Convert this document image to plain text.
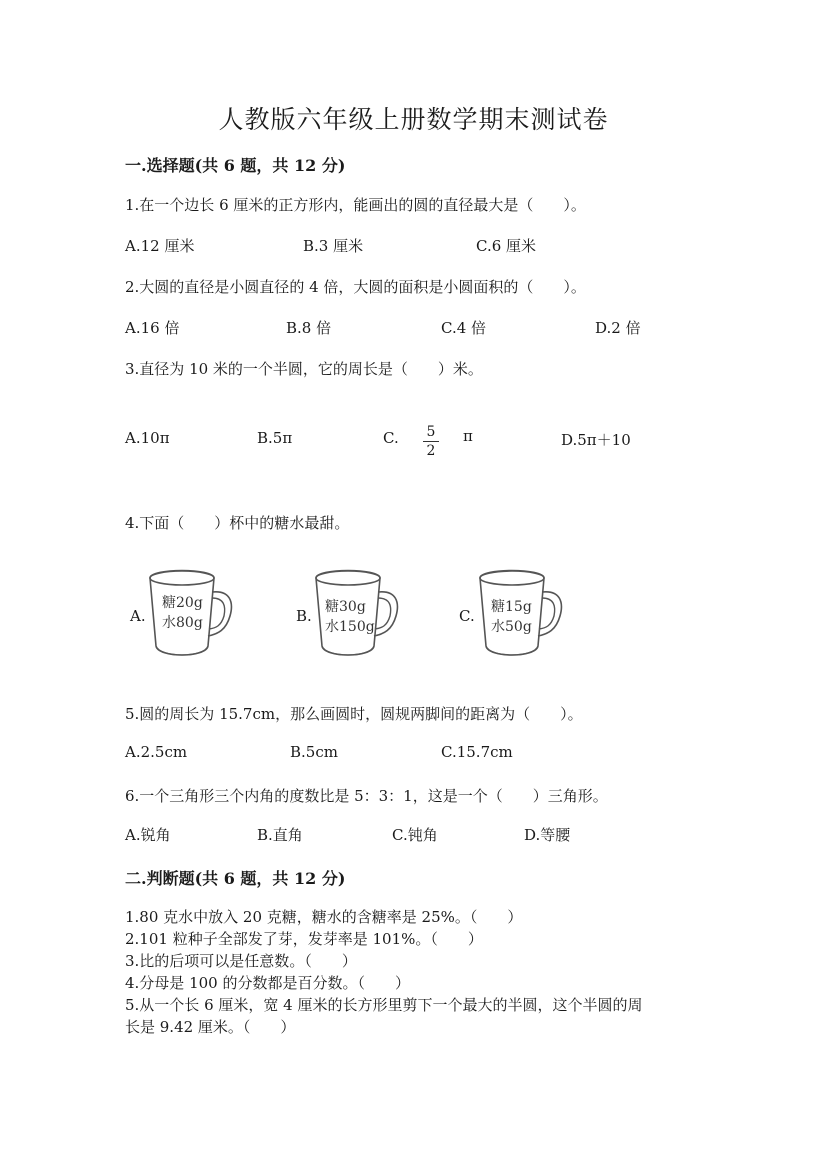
人教版六年级上册数学期末测试卷
一.选择题(共 6 题，共 12 分)
1.在一个边长 6 厘米的正方形内，能画出的圆的直径最大是（　　）。
A.12 厘米	B.3 厘米	C.6 厘米
2.大圆的直径是小圆直径的 4 倍，大圆的面积是小圆面积的（　　）。
A.16 倍	B.8 倍	C.4 倍	D.2 倍
3.直径为 10 米的一个半圆，它的周长是（　　）米。
A.10π	B.5π	C. 5
2
π	D.5π＋10
4.下面（　　）杯中的糖水最甜。
A.
糖20g
水80g	B. 糖30g
水150g
C. 糖15g
水50g
5.圆的周长为 15.7cm，那么画圆时，圆规两脚间的距离为（　　）。
A.2.5cm	B.5cm	C.15.7cm
6.一个三角形三个内角的度数比是 5：3：1，这是一个（　　）三角形。
A.锐角	B.直角	C.钝角	D.等腰
二.判断题(共 6 题，共 12 分)
1.80 克水中放入 20 克糖，糖水的含糖率是 25%。（　　）
2.101 粒种子全部发了芽，发芽率是 101%。（　　）
3.比的后项可以是任意数。（　　）
4.分母是 100 的分数都是百分数。（　　）
5.从一个长 6 厘米，宽 4 厘米的长方形里剪下一个最大的半圆，这个半圆的周
长是 9.42 厘米。（　　）
